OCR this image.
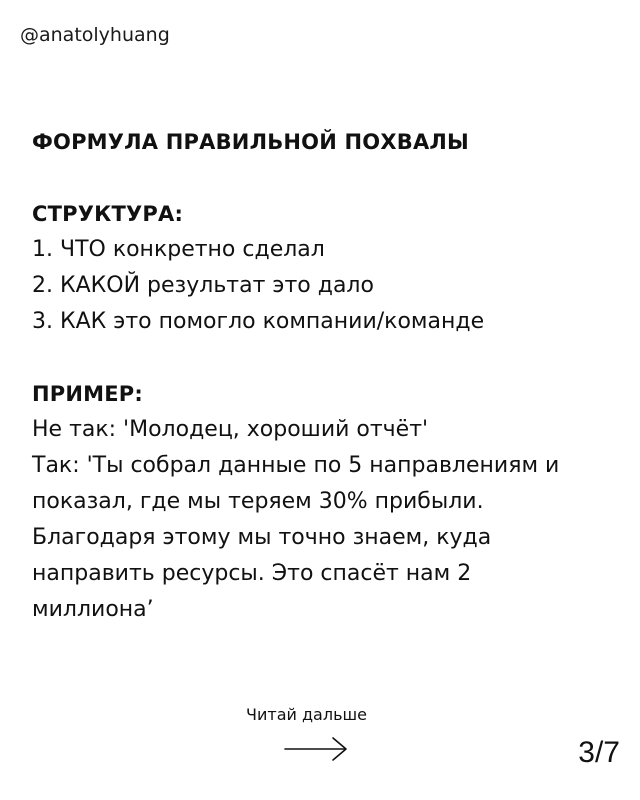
@anatolyhuang
ФОРМУЛА ПРАВИЛЬНОЙ ПОХВАЛЫ
СТРУКТУРА:
1. ЧТО конкретно сделал
2. КАКОЙ результат это дало
3. КАК это помогло компании/команде
ПРИМЕР:
Не так: 'Молодец, хороший отчёт'
Так: 'Ты собрал данные по 5 направлениям и
показал, где мы теряем 30% прибыли.
Благодаря этому мы точно знаем, куда
направить ресурсы. Это спасёт нам 2
миллиона’
Читай дальше
3/7
